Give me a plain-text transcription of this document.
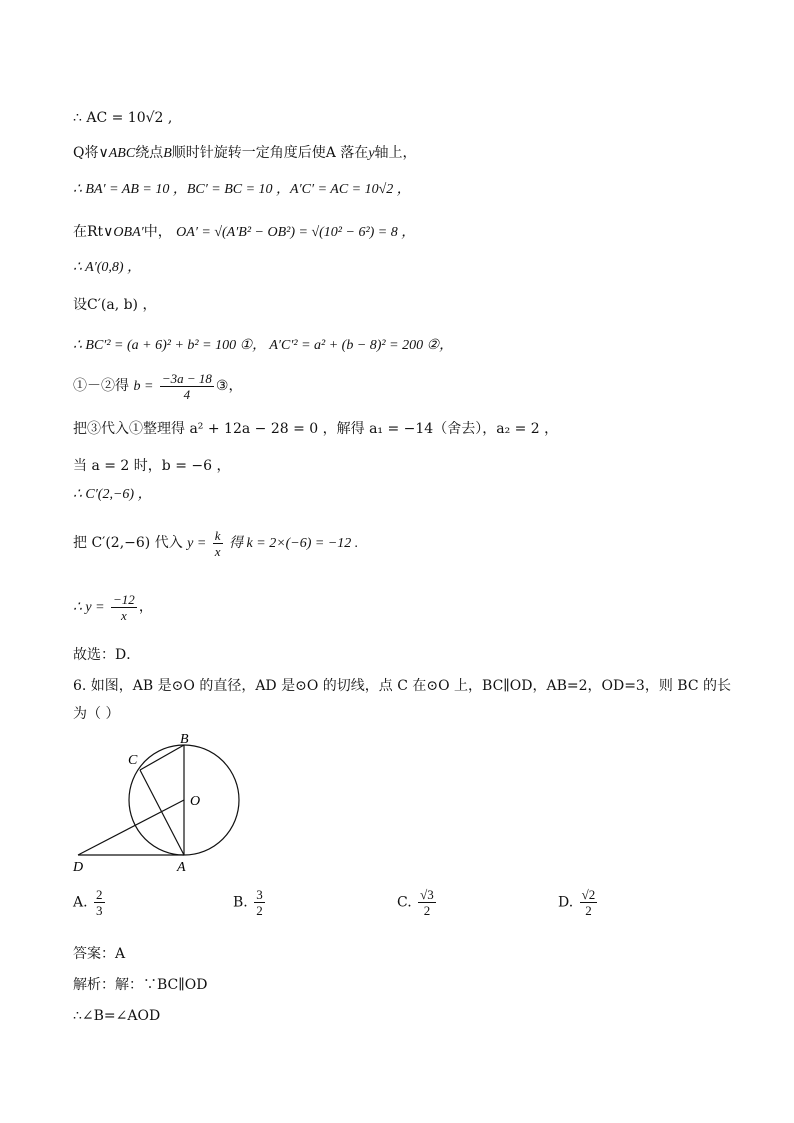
∴ AC = 10√2 ,
Q将∨ABC绕点B顺时针旋转一定角度后使A 落在y轴上，
∴ BA′ = AB = 10 ，BC′ = BC = 10 ，A′C′ = AC = 10√2 ，
在Rt∨OBA′中， OA′ = √(A′B² − OB²) = √(10² − 6²) = 8 ，
∴ A′(0,8) ，
设C′(a, b) ，
∴ BC′² = (a + 6)² + b² = 100 ①， A′C′² = a² + (b − 8)² = 200 ②，
①－②得 $b = \frac{-3a - 18}{4}$ ③，
把③代入①整理得 a² + 12a − 28 = 0 ，解得 a₁ = −14（舍去），a₂ = 2 ，
当 a = 2 时，b = −6 ，
∴ C′(2,−6) ，
把 C′(2,−6) 代入 $y = \frac{k}{x}$ 得 k = 2×(−6) = −12 .
∴ $y = \frac{-12}{x}$ ，
故选：D．
6. 如图，AB 是⊙O 的直径，AD 是⊙O 的切线，点 C 在⊙O 上，BC∥OD，AB=2，OD=3，则 BC 的长为（ ）
B
C
O
D	A
A. $\frac{2}{3}$	B. $\frac{3}{2}$	C. $\frac{√3}{2}$	D. $\frac{√2}{2}$
答案：A
解析：解：∵BC∥OD
∴∠B=∠AOD
